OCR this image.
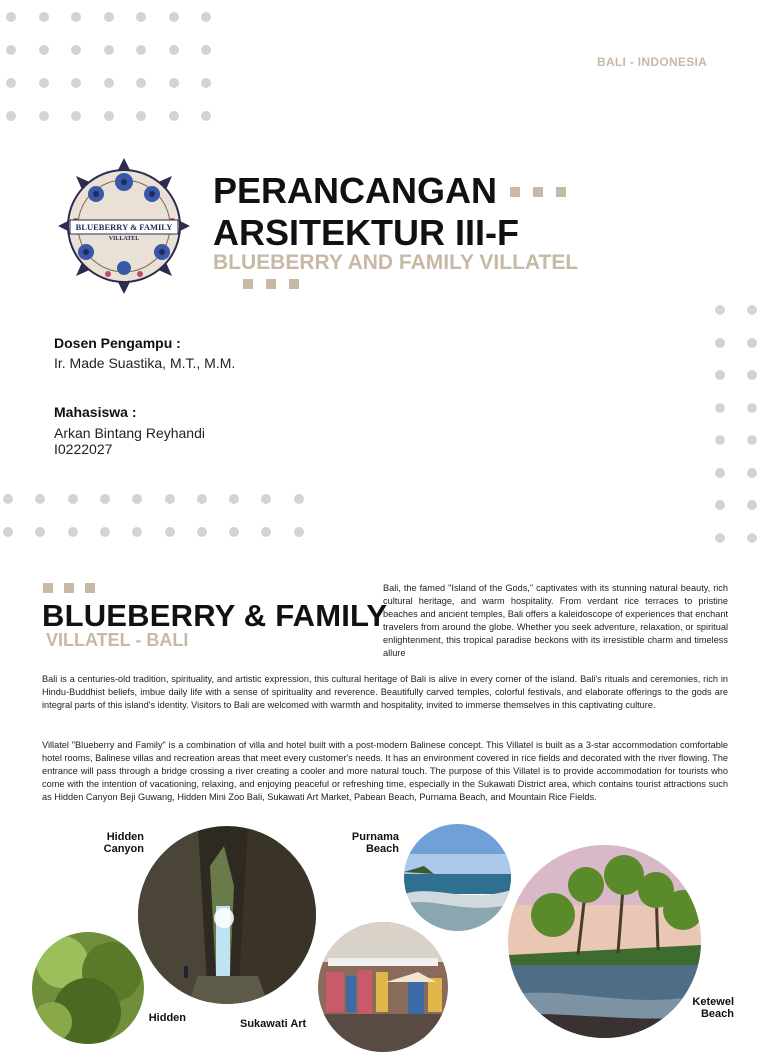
BALI - INDONESIA
BLUEBERRY & FAMILY
VILLATEL
PERANCANGAN
ARSITEKTUR III-F
BLUEBERRY AND FAMILY VILLATEL
Dosen Pengampu :
Ir. Made Suastika, M.T., M.M.
Mahasiswa :
Arkan Bintang Reyhandi
I0222027
BLUEBERRY & FAMILY
VILLATEL - BALI
Bali, the famed "Island of the Gods," captivates with its stunning natural beauty, rich cultural heritage, and warm hospitality. From verdant rice terraces to pristine beaches and ancient temples, Bali offers a kaleidoscope of experiences that enchant travelers from around the globe. Whether you seek adventure, relaxation, or spiritual enlightenment, this tropical paradise beckons with its irresistible charm and timeless allure
Bali is a centuries-old tradition, spirituality, and artistic expression, this cultural heritage of Bali is alive in every corner of the island. Bali's rituals and ceremonies, rich in Hindu-Buddhist beliefs, imbue daily life with a sense of spirituality and reverence. Beautifully carved temples, colorful festivals, and elaborate offerings to the gods are integral parts of this island's identity. Visitors to Bali are welcomed with warmth and hospitality, invited to immerse themselves in this captivating culture.
Villatel "Blueberry and Family" is a combination of villa and hotel built with a post-modern Balinese concept. This Villatel is built as a 3-star accommodation comfortable hotel rooms, Balinese villas and recreation areas that meet every customer's needs. It has an environment covered in rice fields and decorated with the river flowing. The entrance will pass through a bridge crossing a river creating a cooler and more natural touch. The purpose of this Villatel is to provide accommodation for tourists who come with the intention of vacationing, relaxing, and enjoying peaceful or refreshing time, especially in the Sukawati District area, which contains tourist attractions such as Hidden Canyon Beji Guwang, Hidden Mini Zoo Bali, Sukawati Art Market, Pabean Beach, Purnama Beach, and Mountain Rice Fields.
Hidden
Canyon
Purnama
Beach
Ketewel
Beach
Hidden	Sukawati Art
